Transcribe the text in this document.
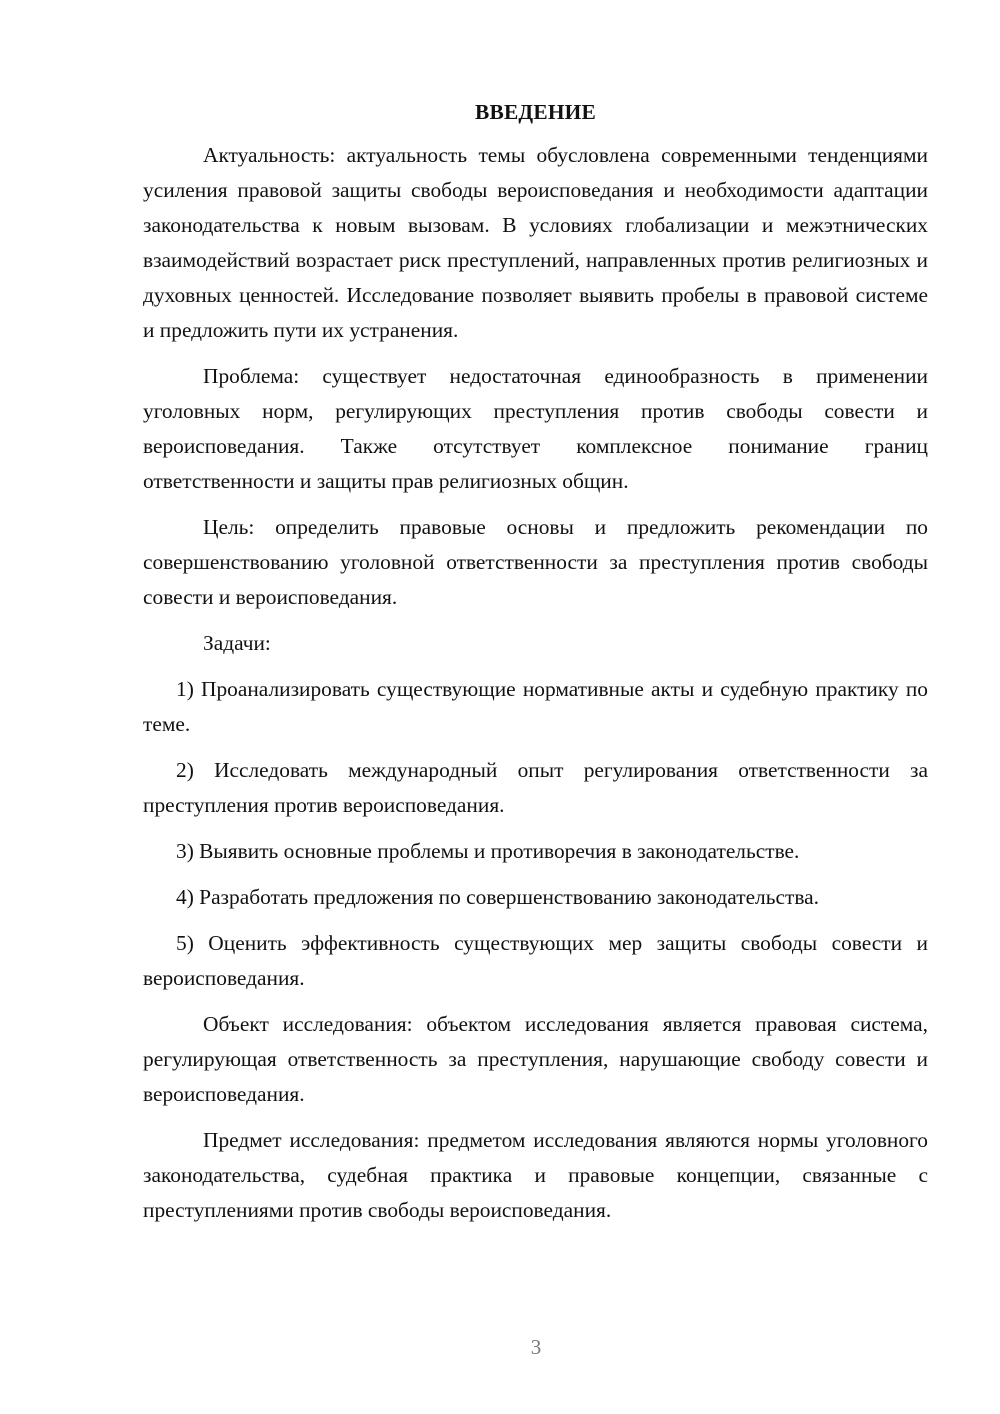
ВВЕДЕНИЕ

Актуальность: актуальность темы обусловлена современными тенденциями усиления правовой защиты свободы вероисповедания и необходимости адаптации законодательства к новым вызовам. В условиях глобализации и межэтнических взаимодействий возрастает риск преступлений, направленных против религиозных и духовных ценностей. Исследование позволяет выявить пробелы в правовой системе и предложить пути их устранения.

Проблема: существует недостаточная единообразность в применении уголовных норм, регулирующих преступления против свободы совести и вероисповедания. Также отсутствует комплексное понимание границ ответственности и защиты прав религиозных общин.

Цель: определить правовые основы и предложить рекомендации по совершенствованию уголовной ответственности за преступления против свободы совести и вероисповедания.

Задачи:

1) Проанализировать существующие нормативные акты и судебную практику по теме.
2) Исследовать международный опыт регулирования ответственности за преступления против вероисповедания.
3) Выявить основные проблемы и противоречия в законодательстве.
4) Разработать предложения по совершенствованию законодательства.
5) Оценить эффективность существующих мер защиты свободы совести и вероисповедания.

Объект исследования: объектом исследования является правовая система, регулирующая ответственность за преступления, нарушающие свободу совести и вероисповедания.

Предмет исследования: предметом исследования являются нормы уголовного законодательства, судебная практика и правовые концепции, связанные с преступлениями против свободы вероисповедания.

3
